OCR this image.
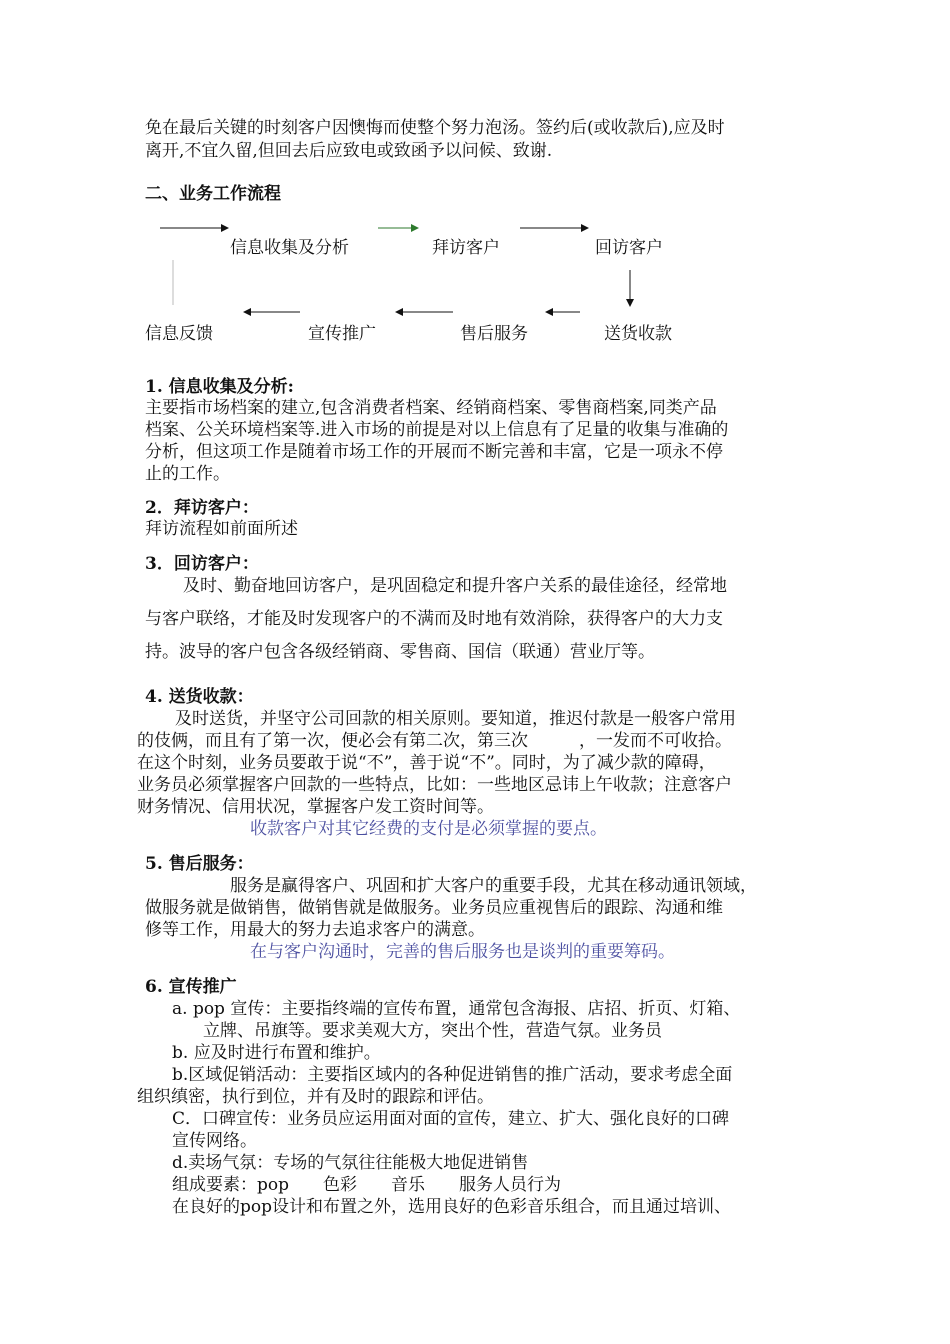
免在最后关键的时刻客户因懊悔而使整个努力泡汤。签约后(或收款后),应及时
离开,不宜久留,但回去后应致电或致函予以问候、致谢.
二、业务工作流程
信息收集及分析	拜访客户	回访客户
信息反馈	宣传推广	售后服务	送货收款
1. 信息收集及分析:
主要指市场档案的建立,包含消费者档案、经销商档案、零售商档案,同类产品
档案、公关环境档案等.进入市场的前提是对以上信息有了足量的收集与准确的
分析，但这项工作是随着市场工作的开展而不断完善和丰富，它是一项永不停
止的工作。
2．拜访客户：
拜访流程如前面所述
3．回访客户：
及时、勤奋地回访客户，是巩固稳定和提升客户关系的最佳途径，经常地
与客户联络，才能及时发现客户的不满而及时地有效消除，获得客户的大力支
持。波导的客户包含各级经销商、零售商、国信（联通）营业厅等。
4. 送货收款：
及时送货，并坚守公司回款的相关原则。要知道，推迟付款是一般客户常用
的伎俩，而且有了第一次，便必会有第二次，第三次　　　，一发而不可收拾。
在这个时刻，业务员要敢于说“不”，善于说“不”。同时，为了减少款的障碍，
业务员必须掌握客户回款的一些特点，比如：一些地区忌讳上午收款；注意客户
财务情况、信用状况，掌握客户发工资时间等。
收款客户对其它经费的支付是必须掌握的要点。
5. 售后服务：
服务是赢得客户、巩固和扩大客户的重要手段，尤其在移动通讯领域，
做服务就是做销售，做销售就是做服务。业务员应重视售后的跟踪、沟通和维
修等工作，用最大的努力去追求客户的满意。
在与客户沟通时，完善的售后服务也是谈判的重要筹码。
6. 宣传推广
a. pop 宣传：主要指终端的宣传布置，通常包含海报、店招、折页、灯箱、
立牌、吊旗等。要求美观大方，突出个性，营造气氛。业务员
b. 应及时进行布置和维护。
b.区域促销活动：主要指区域内的各种促进销售的推广活动，要求考虑全面
组织缜密，执行到位，并有及时的跟踪和评估。
C．口碑宣传：业务员应运用面对面的宣传，建立、扩大、强化良好的口碑
宣传网络。
d.卖场气氛：专场的气氛往往能极大地促进销售
组成要素：pop　　色彩　　音乐　　服务人员行为
在良好的pop设计和布置之外，选用良好的色彩音乐组合，而且通过培训、
